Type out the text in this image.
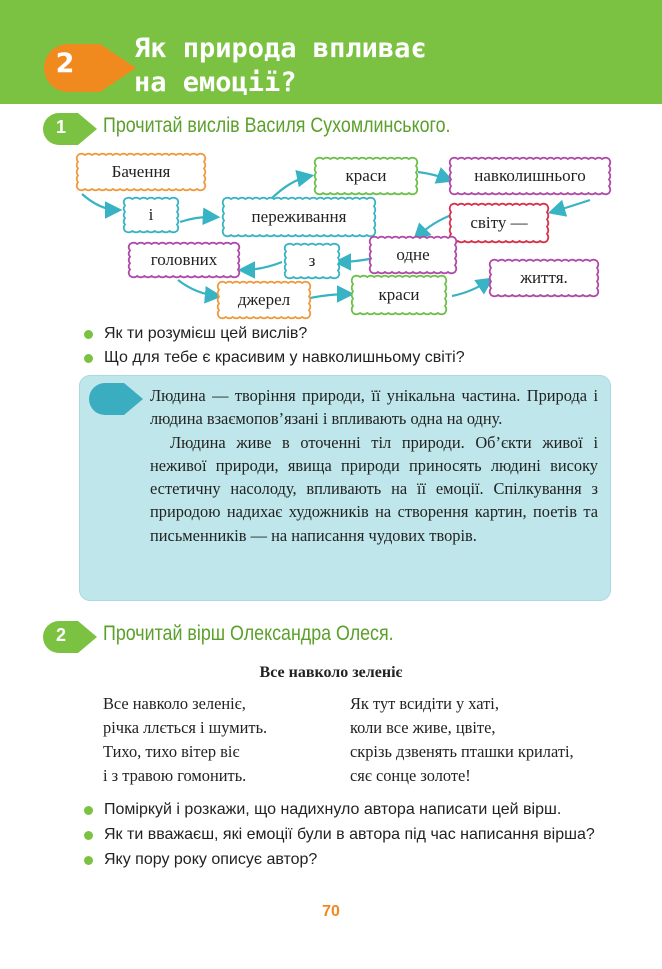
2	Як природа впливає
на емоції?
1	Прочитай вислів Василя Сухомлинського.
Бачення
і	переживання
краси	навколишнього
світу —
одне
з
головних
джерел	краси
життя.
Як ти розумієш цей вислів?
Що для тебе є красивим у навколишньому світі?

Людина — творіння природи, її унікальна частина. Природа і людина взаємопов’язані і впливають одна на одну.

Людина живе в оточенні тіл природи. Об’єкти живої і неживої природи, явища природи приносять людині високу естетичну насолоду, впливають на її емоції. Спілкування з природою надихає художників на створення картин, поетів та письменників — на написання чудових творів.

2	Прочитай вірш Олександра Олеся.
Все навколо зеленіє
Все навколо зеленіє,
річка ллється і шумить.
Тихо, тихо вітер віє
і з травою гомонить.
Як тут всидіти у хаті,
коли все живе, цвіте,
скрізь дзвенять пташки крилаті,
сяє сонце золоте!
Поміркуй і розкажи, що надихнуло автора написати цей вірш.
Як ти вважаєш, які емоції були в автора під час написання вірша?
Яку пору року описує автор?
70
